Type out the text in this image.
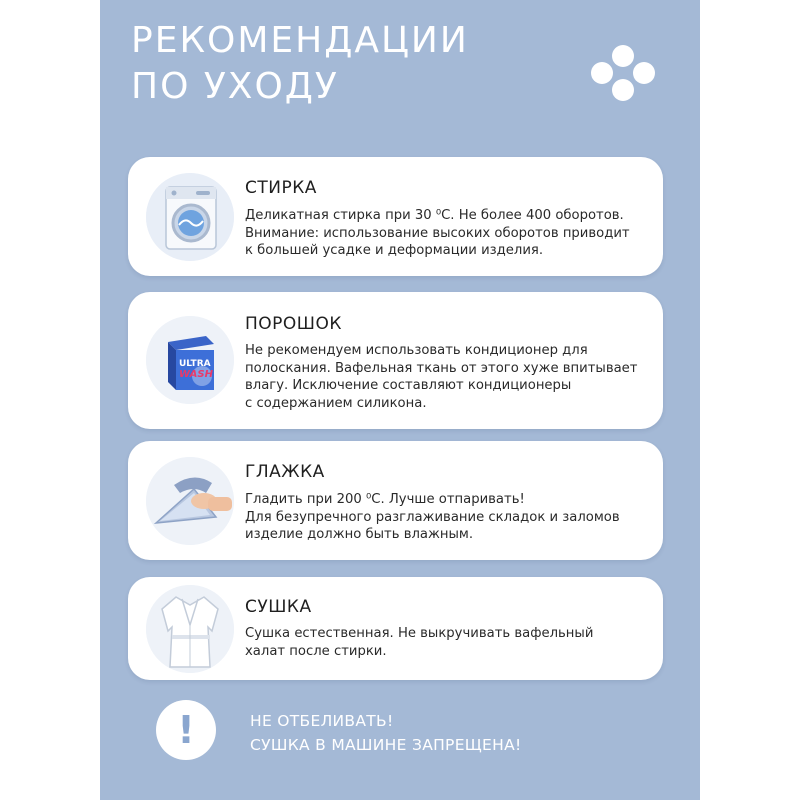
РЕКОМЕНДАЦИИ
ПО УХОДУ
СТИРКА
Деликатная стирка при 30 ⁰С. Не более 400 оборотов.
Внимание: использование высоких оборотов приводит
к большей усадке и деформации изделия.
ULTRA
WASH
ПОРОШОК
Не рекомендуем использовать кондиционер для
полоскания. Вафельная ткань от этого хуже впитывает
влагу. Исключение составляют кондиционеры
с содержанием силикона.
ГЛАЖКА
Гладить при 200 ⁰С. Лучше отпаривать!
Для безупречного разглаживание складок и заломов
изделие должно быть влажным.
СУШКА
Сушка естественная. Не выкручивать вафельный
халат после стирки.
!	НЕ ОТБЕЛИВАТЬ!
СУШКА В МАШИНЕ ЗАПРЕЩЕНА!
